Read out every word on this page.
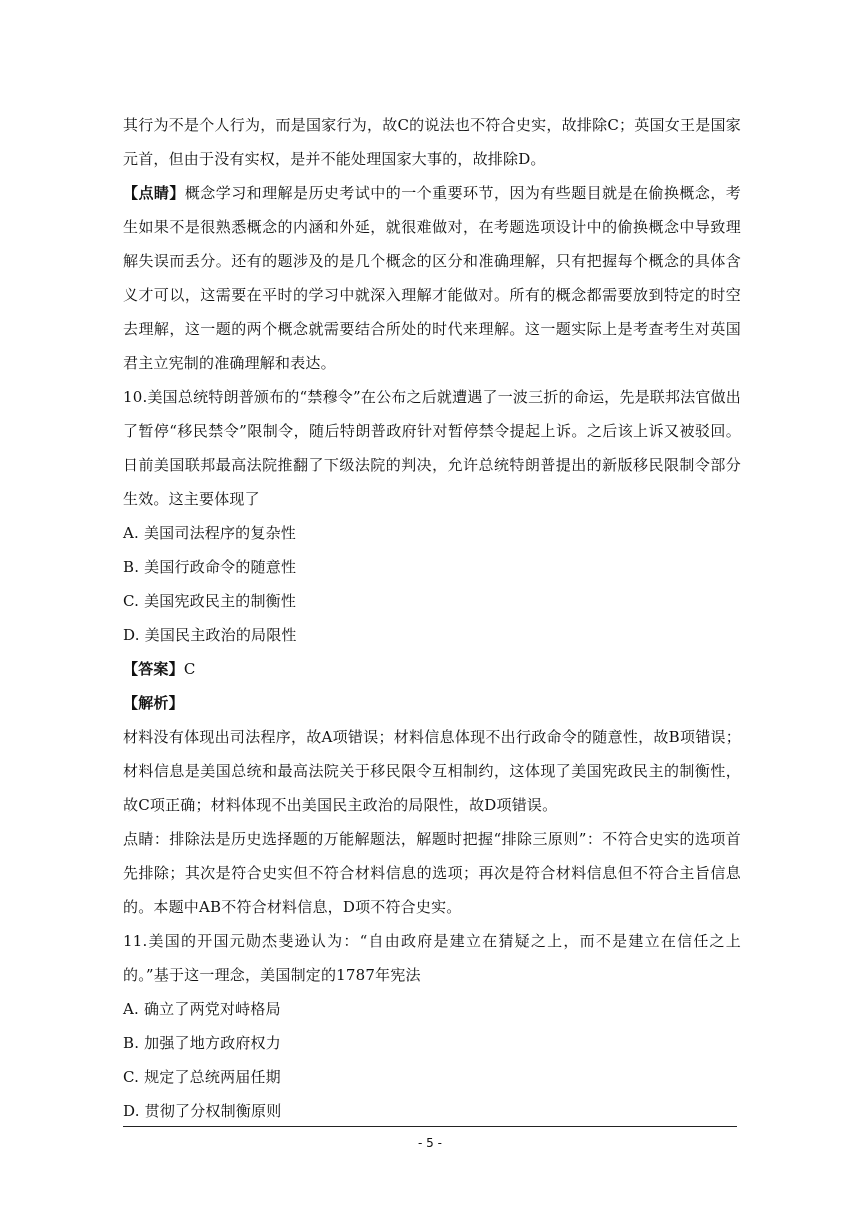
其行为不是个人行为，而是国家行为，故C的说法也不符合史实，故排除C；英国女王是国家元首，但由于没有实权，是并不能处理国家大事的，故排除D。

【点睛】概念学习和理解是历史考试中的一个重要环节，因为有些题目就是在偷换概念，考生如果不是很熟悉概念的内涵和外延，就很难做对，在考题选项设计中的偷换概念中导致理解失误而丢分。还有的题涉及的是几个概念的区分和准确理解，只有把握每个概念的具体含义才可以，这需要在平时的学习中就深入理解才能做对。所有的概念都需要放到特定的时空去理解，这一题的两个概念就需要结合所处的时代来理解。这一题实际上是考查考生对英国君主立宪制的准确理解和表达。

10.美国总统特朗普颁布的“禁穆令”在公布之后就遭遇了一波三折的命运，先是联邦法官做出了暂停“移民禁令”限制令，随后特朗普政府针对暂停禁令提起上诉。之后该上诉又被驳回。日前美国联邦最高法院推翻了下级法院的判决，允许总统特朗普提出的新版移民限制令部分生效。这主要体现了

A. 美国司法程序的复杂性

B. 美国行政命令的随意性

C. 美国宪政民主的制衡性

D. 美国民主政治的局限性

【答案】C

【解析】

材料没有体现出司法程序，故A项错误；材料信息体现不出行政命令的随意性，故B项错误；材料信息是美国总统和最高法院关于移民限令互相制约，这体现了美国宪政民主的制衡性，故C项正确；材料体现不出美国民主政治的局限性，故D项错误。

点睛：排除法是历史选择题的万能解题法，解题时把握“排除三原则”：不符合史实的选项首先排除；其次是符合史实但不符合材料信息的选项；再次是符合材料信息但不符合主旨信息的。本题中AB不符合材料信息，D项不符合史实。

11.美国的开国元勋杰斐逊认为：“自由政府是建立在猜疑之上，而不是建立在信任之上的。”基于这一理念，美国制定的1787年宪法

A. 确立了两党对峙格局

B. 加强了地方政府权力

C. 规定了总统两届任期

D. 贯彻了分权制衡原则

- 5 -
